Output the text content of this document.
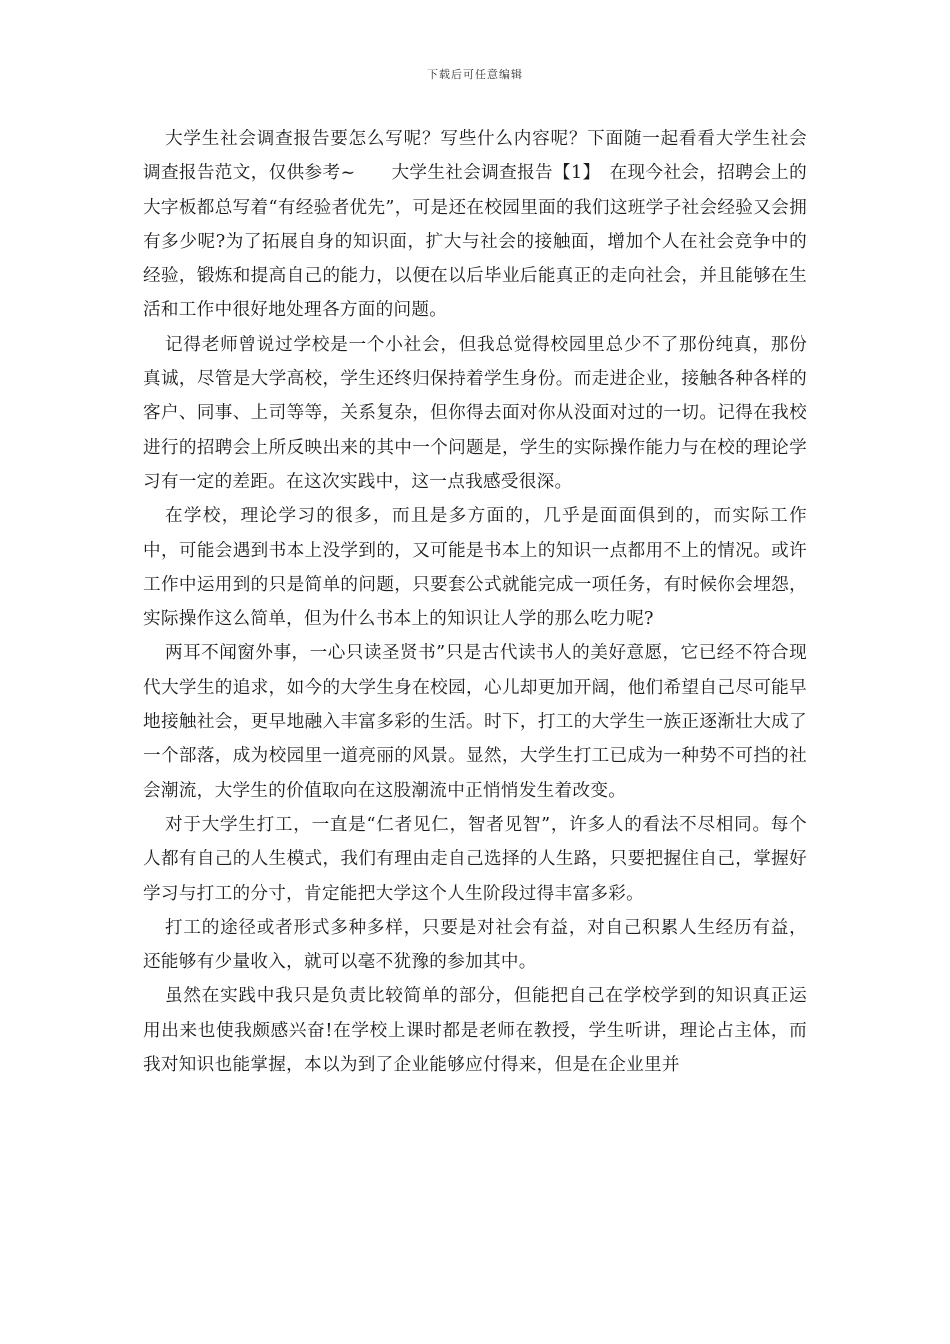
下载后可任意编辑

大学生社会调查报告要怎么写呢？写些什么内容呢？下面随一起看看大学生社会调查报告范文，仅供参考~　　大学生社会调查报告【1】　在现今社会，招聘会上的大字板都总写着“有经验者优先”，可是还在校园里面的我们这班学子社会经验又会拥有多少呢?为了拓展自身的知识面，扩大与社会的接触面，增加个人在社会竞争中的经验，锻炼和提高自己的能力，以便在以后毕业后能真正的走向社会，并且能够在生活和工作中很好地处理各方面的问题。

记得老师曾说过学校是一个小社会，但我总觉得校园里总少不了那份纯真，那份真诚，尽管是大学高校，学生还终归保持着学生身份。而走进企业，接触各种各样的客户、同事、上司等等，关系复杂，但你得去面对你从没面对过的一切。记得在我校进行的招聘会上所反映出来的其中一个问题是，学生的实际操作能力与在校的理论学习有一定的差距。在这次实践中，这一点我感受很深。

在学校，理论学习的很多，而且是多方面的，几乎是面面俱到的，而实际工作中，可能会遇到书本上没学到的，又可能是书本上的知识一点都用不上的情况。或许工作中运用到的只是简单的问题，只要套公式就能完成一项任务，有时候你会埋怨，实际操作这么简单，但为什么书本上的知识让人学的那么吃力呢?

两耳不闻窗外事，一心只读圣贤书”只是古代读书人的美好意愿，它已经不符合现代大学生的追求，如今的大学生身在校园，心儿却更加开阔，他们希望自己尽可能早地接触社会，更早地融入丰富多彩的生活。时下，打工的大学生一族正逐渐壮大成了一个部落，成为校园里一道亮丽的风景。显然，大学生打工已成为一种势不可挡的社会潮流，大学生的价值取向在这股潮流中正悄悄发生着改变。

对于大学生打工，一直是“仁者见仁，智者见智”，许多人的看法不尽相同。每个人都有自己的人生模式，我们有理由走自己选择的人生路，只要把握住自己，掌握好学习与打工的分寸，肯定能把大学这个人生阶段过得丰富多彩。

打工的途径或者形式多种多样，只要是对社会有益，对自己积累人生经历有益，还能够有少量收入，就可以毫不犹豫的参加其中。

虽然在实践中我只是负责比较简单的部分，但能把自己在学校学到的知识真正运用出来也使我颇感兴奋!在学校上课时都是老师在教授，学生听讲，理论占主体，而我对知识也能掌握，本以为到了企业能够应付得来，但是在企业里并
